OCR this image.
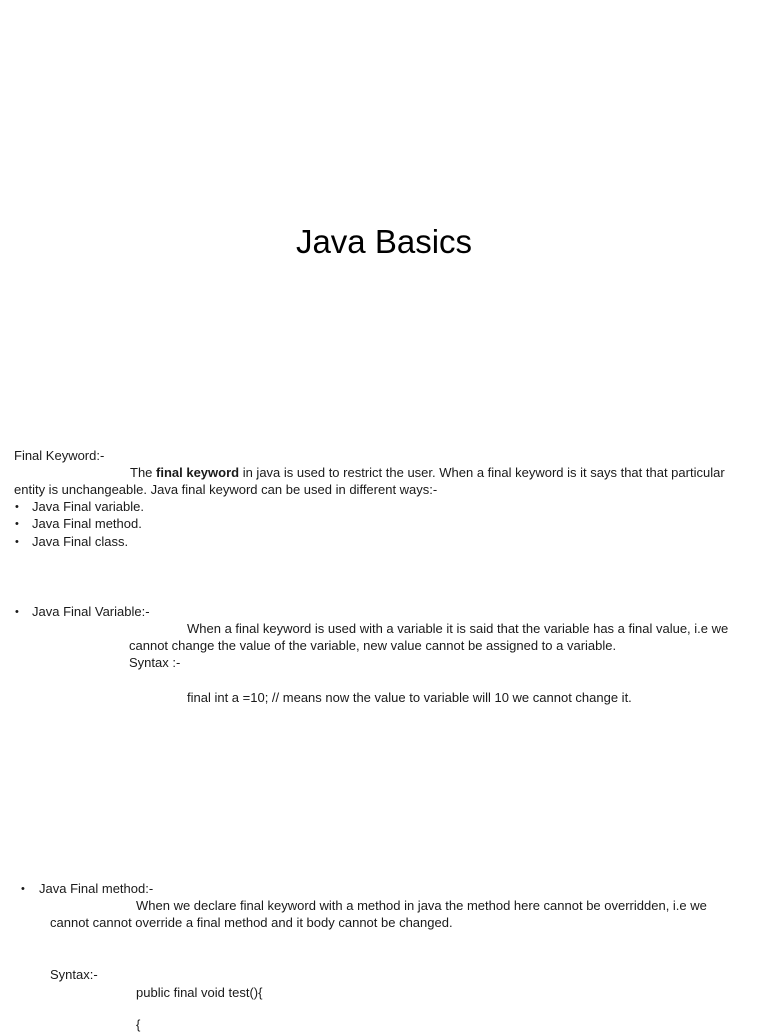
Java Basics
Final Keyword:-
The final keyword in java is used to restrict the user. When a final keyword is it says that that particular
entity is unchangeable. Java final keyword can be used in different ways:-
• Java Final variable.
• Java Final method.
• Java Final class.
• Java Final Variable:-
When a final keyword is used with a variable it is said that the variable has a final value, i.e we
cannot change the value of the variable, new value cannot be assigned to a variable.
Syntax :-
final int a =10; // means now the value to variable will 10 we cannot change it.
• Java Final method:-
When we declare final keyword with a method in java the method here cannot be overridden, i.e we
cannot cannot override a final method and it body cannot be changed.
Syntax:-
public final void test(){
{
